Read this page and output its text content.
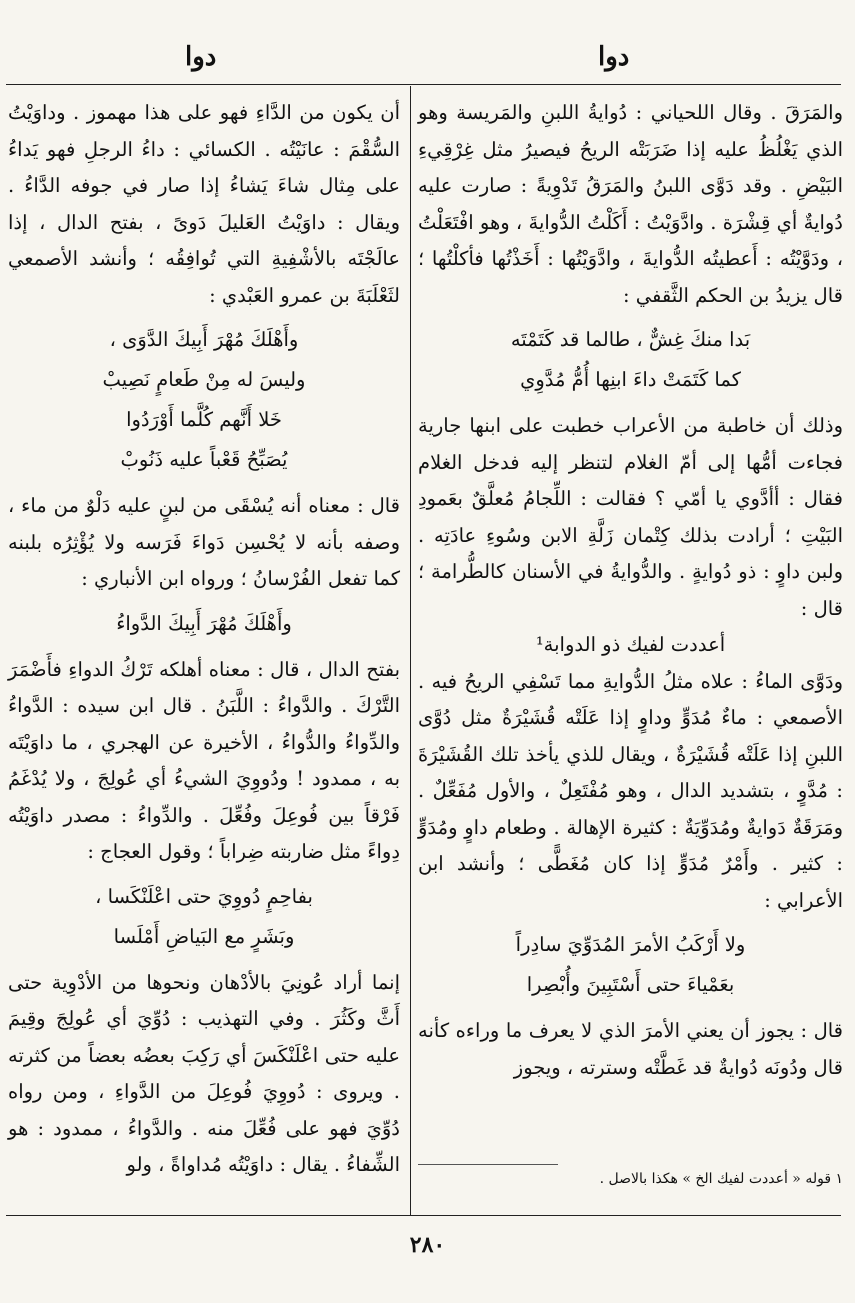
دوا
دوا

والمَرَقَ . وقال اللحياني : دُوايةُ اللبنِ والمَريسة وهو الذي يَغْلُظُ عليه إذا ضَرَبَتْه الريحُ فيصيرُ مثل غِرْقِيءِ البَيْضِ . وقد دَوَّى اللبنُ والمَرَقُ تَدْوِيةً : صارت عليه دُوايةٌ أي قِشْرَة . وادَّوَيْتُ : أَكَلْتُ الدُّوايةَ ، وهو افْتَعَلْتُ ، ودَوَّيْتُه : أَعطيتُه الدُّوايةَ ، وادَّوَيْتُها : أَخَذْتُها فأكلْتُها ؛ قال يزيدُ بن الحكم الثَّقفي :

بَدا منكَ غِشٌّ ، طالما قد كَتَمْتَه
كما كَتَمَتْ داءَ ابنِها أُمُّ مُدَّوِي

وذلك أن خاطبة من الأعراب خطبت على ابنها جارية فجاءت أمُّها إلى أمّ الغلام لتنظر إليه فدخل الغلام فقال : أأدَّوي يا أمّي ؟ فقالت : اللِّجامُ مُعلَّقٌ بعَمودِ البَيْتِ ؛ أرادت بذلك كِتْمان زَلَّةِ الابن وسُوءِ عادَتِه . ولبن داوٍ : ذو دُوايةٍ . والدُّوايةُ في الأسنان كالطُّرامة ؛ قال :

أعددت لفيك ذو الدوابة¹

ودَوَّى الماءُ : علاه مثلُ الدُّوايةِ مما تَسْفِي الريحُ فيه . الأصمعي : ماءٌ مُدَوٍّ وداوٍ إذا عَلَتْه قُشَيْرَةٌ مثل دُوَّى اللبنِ إذا عَلَتْه قُشَيْرَةٌ ، ويقال للذي يأخذ تلك القُشَيْرَةَ : مُدَّوٍ ، بتشديد الدال ، وهو مُفْتَعِلٌ ، والأول مُفَعِّلٌ . ومَرَقَةٌ دَوايةٌ ومُدَوِّيَةٌ : كثيرة الإهالة . وطعام داوٍ ومُدَوٍّ : كثير . وأَمْرٌ مُدَوٍّ إذا كان مُغَطًّى ؛ وأنشد ابن الأعرابي :

ولا أَرْكَبُ الأمرَ المُدَوِّيَ سادِراً
بعَمْياءَ حتى أَسْتَبِينَ وأُبْصِرا

قال : يجوز أن يعني الأمرَ الذي لا يعرف ما وراءه كأنه قال ودُونَه دُوايةٌ قد غَطَّتْه وسترته ، ويجوز

أن يكون من الدَّاءِ فهو على هذا مهموز . وداوَيْتُ السُّقْمَ : عانَيْتُه . الكسائي : داءُ الرجلِ فهو يَداءُ على مِثال شاءَ يَشاءُ إذا صار في جوفه الدَّاءُ . ويقال : داوَيْتُ العَليلَ دَوىً ، بفتح الدال ، إذا عالَجْتَه بالأشْفِيةِ التي تُوافِقُه ؛ وأنشد الأصمعي لثَعْلَبَةَ بن عمرو العَبْدي :

وأَهْلَكَ مُهْرَ أَبِيكَ الدَّوَى ،
وليسَ له مِنْ طَعامٍ نَصِيبْ
خَلا أَنَّهم كُلَّما أَوْرَدُوا
يُصَبِّحُ قَعْباً عليه ذَنُوبْ

قال : معناه أنه يُسْقَى من لبنٍ عليه دَلْوٌ من ماء ، وصفه بأنه لا يُحْسِن دَواءَ فَرَسه ولا يُؤْثِرُه بلبنه كما تفعل الفُرْسانُ ؛ ورواه ابن الأنباري :

وأَهْلَكَ مُهْرَ أَبِيكَ الدَّواءُ

بفتح الدال ، قال : معناه أهلكه تَرْكُ الدواءِ فأَضْمَرَ التَّرْكَ . والدَّواءُ : اللَّبَنُ . قال ابن سيده : الدَّواءُ والدِّواءُ والدُّواءُ ، الأخيرة عن الهجري ، ما داوَيْتَه به ، ممدود ! ودُووِيَ الشيءُ أي عُولِجَ ، ولا يُدْغَمُ فَرْقاً بين فُوعِلَ وفُعِّلَ . والدِّواءُ : مصدر داوَيْتُه دِواءً مثل ضاربته ضِراباً ؛ وقول العجاج :

بفاحِمٍ دُووِيَ حتى اعْلَنْكَسا ،
وبَشَرٍ مع البَياضِ أَمْلَسا

إنما أراد عُونِيَ بالأدْهان ونحوها من الأدْوِية حتى أَثَّ وكَثُرَ . وفي التهذيب : دُوِّيَ أي عُولِجَ وقِيمَ عليه حتى اعْلَنْكَسَ أي رَكِبَ بعضُه بعضاً من كثرته . ويروى : دُووِيَ فُوعِلَ من الدَّواءِ ، ومن رواه دُوِّيَ فهو على فُعِّلَ منه . والدَّواءُ ، ممدود : هو الشِّفاءُ . يقال : داوَيْتُه مُداواةً ، ولو

١ قوله « أعددت لفيك الخ » هكذا بالاصل .
٢٨٠
